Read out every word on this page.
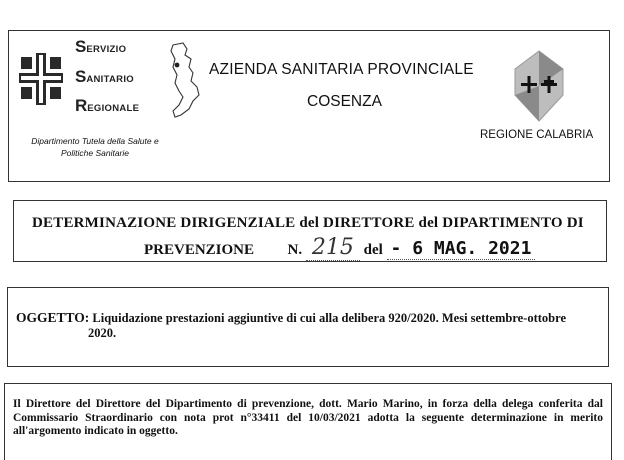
SERVIZIO
SANITARIO
REGIONALE
Dipartimento Tutela della Salute e Politiche Sanitarie
AZIENDA SANITARIA PROVINCIALE
COSENZA
REGIONE CALABRIA
DETERMINAZIONE DIRIGENZIALE del DIRETTORE del DIPARTIMENTO DI
PREVENZIONE N. 215 del - 6 MAG. 2021
OGGETTO: Liquidazione prestazioni aggiuntive di cui alla delibera 920/2020. Mesi settembre-ottobre
2020.
Il Direttore del Direttore del Dipartimento di prevenzione, dott. Mario Marino, in forza della delega conferita dal Commissario Straordinario con nota prot n°33411 del 10/03/2021 adotta la seguente determinazione in merito all'argomento indicato in oggetto.
